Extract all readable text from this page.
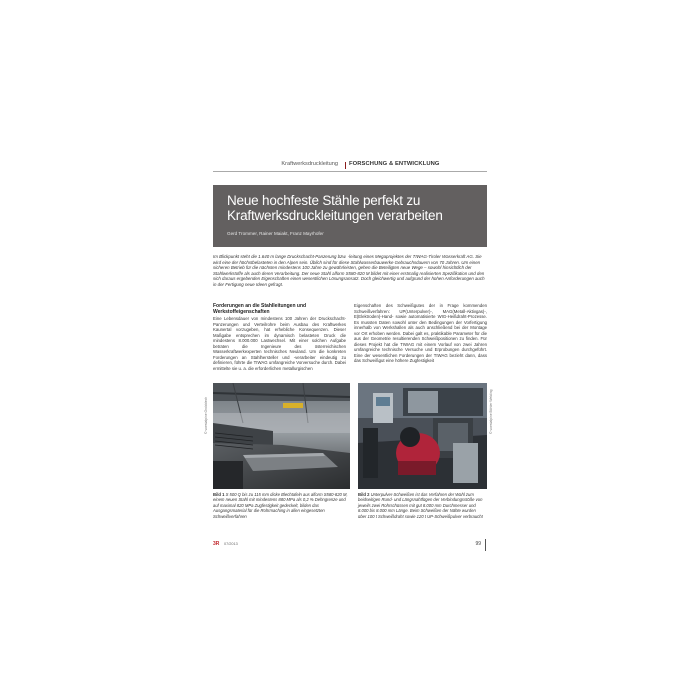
Kraftwerksdruckleitung FORSCHUNG & ENTWICKLUNG
Neue hochfeste Stähle perfekt zu Kraftwerksdruckleitungen verarbeiten
Gerd Trommer, Rainer Maiakt, Franz Mayrhofer
Im Blickpunkt steht die 1.640 m lange Druckschacht-Panzerung bzw. -leitung eines Megaprojektes der TIWAG-Tiroler Wasserkraft AG. Sie wird eine der höchstbelasteten in den Alpen sein. Üblich sind für diese Stahlwasserbauwerke Gebrauchsdauern von 70 Jahren. Um einen sicheren Betrieb für die nächsten mindestens 100 Jahre zu gewährleisten, gehen die Beteiligten neue Wege – sowohl hinsichtlich der Stahlwerkstoffe als auch deren Verarbeitung. Der neue Stahl alform S580-820 M bildet mit einer erstmalig realisierten Spezifikation und den sich daraus ergebenden Eigenschaften einen wesentlichen Lösungsansatz. Doch gleichwertig und aufgrund der hohen Anforderungen auch in der Fertigung neue Ideen gefragt.
Forderungen an die Stahlleitungen und Werkstoffeigenschaften

Eine Lebensdauer von mindestens 100 Jahren der Druckschacht-Panzerungen und Verteilrohre beim Ausbau des Kraftwerkes Kaunertal vorzugeben, hat erhebliche Konsequenzen. Dieser Maßgabe entsprechen im dynamisch belasteten Druck die mindestens 8.000.000 Lastwechsel. Mit einer solchen Aufgabe betraten die Ingenieure des österreichischen Wasserkraftwerkexperten technisches Neuland. Um die konkreten Forderungen an Stahlhersteller und -verarbeiter eindeutig zu definieren, führte die TIWAG umfangreiche Vorversuche durch. Dabei ermittelte sie u. a. die erforderlichen metallurgischen

Eigenschaften des Schweißgutes der in Frage kommenden Schweißverfahren: UP(Unterpulver)-, MAG(Metall-Aktivgas)-, E(Elektroden)-Hand- sowie automatisierte WIG-Heißdraht-Prozesse. Es mussten Daten sowohl unter den Bedingungen der Vorfertigung innerhalb von Werkshallen als auch anschließend bei der Montage vor Ort erhoben werden. Dabei galt es, praktikable Parameter für die aus der Geometrie resultierenden Schweißpositionen zu finden. Für dieses Projekt hat die TIWAG mit einem Vorlauf von zwei Jahren umfangreiche technische Versuche und Erprobungen durchgeführt. Eine der wesentlichen Forderungen der TIWAG bezieht dann, dass das Schweißgut eine höhere Zugfestigkeit

© voestalpine Grobblech	© voestalpine Böhler Welding
Bild 1 S 500 Q bis zu 115 mm dicke Blechtafeln aus alform S580-820 M, einem neuen Stahl mit mindestens 880 MPa als 0,2 % Dehngrenze und auf maximal 820 MPa Zugfestigkeit gedeckelt, bilden das Ausgangsmaterial für die Rohrmaching in allen eingesetzten Schweißverfahren
Bild 2 Unterpulver-Schweißen ist das Verfahren der Wahl zum beidseitigen Rund- und Längsnahtfügen der Verbindungsstöße von jeweils zwei Rohrschüssen mit gut 8.000 mm Durchmesser und 8.000 bis 8.000 mm Länge. Beim Schweißen der Nähte wurden über 100 t Schweißdraht sowie 120 t UP-Schweißpulver verbraucht
3R 07/2013	99
